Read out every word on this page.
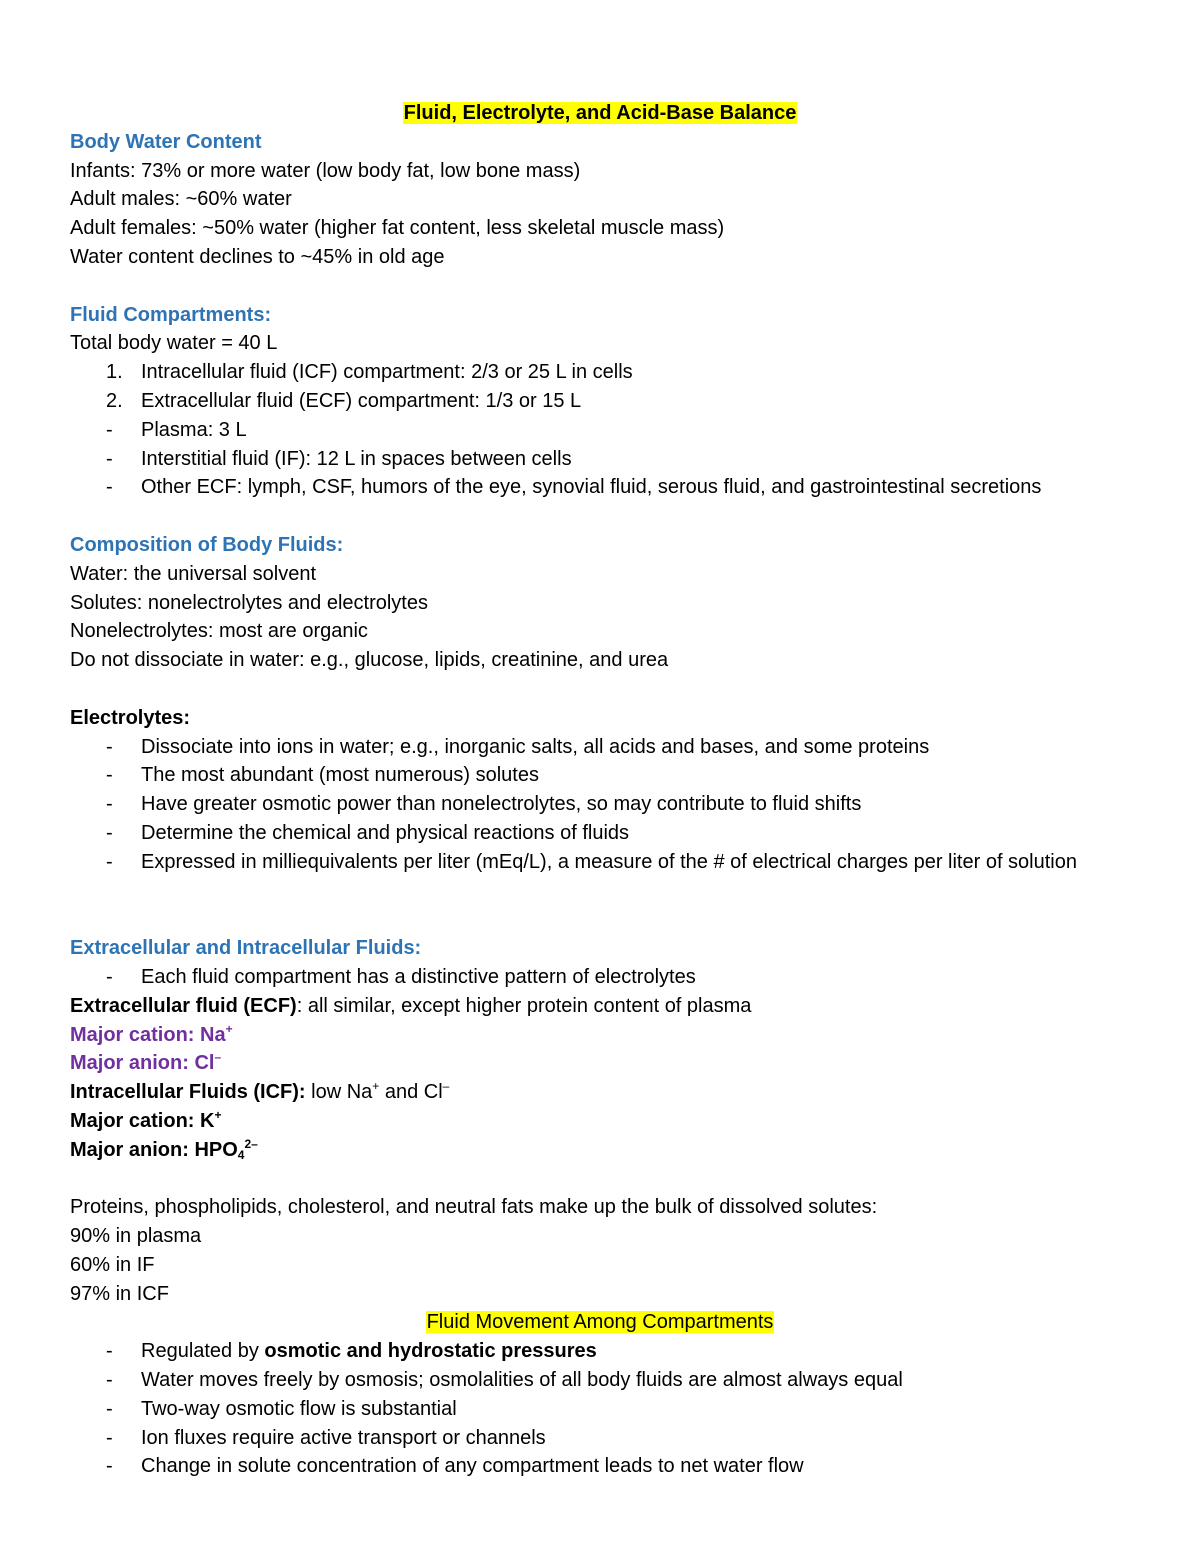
Fluid, Electrolyte, and Acid-Base Balance
Body Water Content
Infants: 73% or more water (low body fat, low bone mass)
Adult males: ~60% water
Adult females: ~50% water (higher fat content, less skeletal muscle mass)
Water content declines to ~45% in old age
Fluid Compartments:
Total body water = 40 L
1. Intracellular fluid (ICF) compartment: 2/3 or 25 L in cells
2. Extracellular fluid (ECF) compartment: 1/3 or 15 L
- Plasma: 3 L
- Interstitial fluid (IF): 12 L in spaces between cells
- Other ECF: lymph, CSF, humors of the eye, synovial fluid, serous fluid, and gastrointestinal secretions
Composition of Body Fluids:
Water: the universal solvent
Solutes: nonelectrolytes and electrolytes
Nonelectrolytes: most are organic
Do not dissociate in water: e.g., glucose, lipids, creatinine, and urea
Electrolytes:
- Dissociate into ions in water; e.g., inorganic salts, all acids and bases, and some proteins
- The most abundant (most numerous) solutes
- Have greater osmotic power than nonelectrolytes, so may contribute to fluid shifts
- Determine the chemical and physical reactions of fluids
- Expressed in milliequivalents per liter (mEq/L), a measure of the # of electrical charges per liter of solution
Extracellular and Intracellular Fluids:
- Each fluid compartment has a distinctive pattern of electrolytes
Extracellular fluid (ECF): all similar, except higher protein content of plasma
Major cation: Na+
Major anion: Cl–
Intracellular Fluids (ICF): low Na+ and Cl–
Major cation: K+
Major anion: $HPO_4^{2-}$
Proteins, phospholipids, cholesterol, and neutral fats make up the bulk of dissolved solutes:
90% in plasma
60% in IF
97% in ICF
Fluid Movement Among Compartments
- Regulated by osmotic and hydrostatic pressures
- Water moves freely by osmosis; osmolalities of all body fluids are almost always equal
- Two-way osmotic flow is substantial
- Ion fluxes require active transport or channels
- Change in solute concentration of any compartment leads to net water flow
